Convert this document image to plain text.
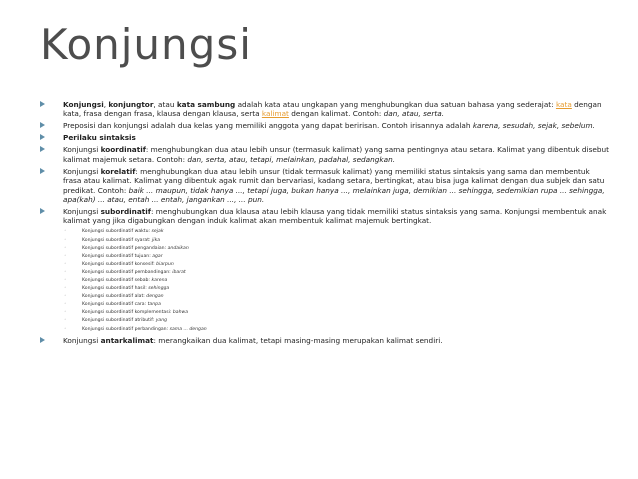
Konjungsi
Konjungsi, konjungtor, atau kata sambung adalah kata atau ungkapan yang menghubungkan dua satuan bahasa yang sederajat: kata dengan kata, frasa dengan frasa, klausa dengan klausa, serta kalimat dengan kalimat. Contoh: dan, atau, serta.
Preposisi dan konjungsi adalah dua kelas yang memiliki anggota yang dapat beririsan. Contoh irisannya adalah karena, sesudah, sejak, sebelum.
Perilaku sintaksis
Konjungsi koordinatif: menghubungkan dua atau lebih unsur (termasuk kalimat) yang sama pentingnya atau setara. Kalimat yang dibentuk disebut kalimat majemuk setara. Contoh: dan, serta, atau, tetapi, melainkan, padahal, sedangkan.
Konjungsi korelatif: menghubungkan dua atau lebih unsur (tidak termasuk kalimat) yang memiliki status sintaksis yang sama dan membentuk frasa atau kalimat. Kalimat yang dibentuk agak rumit dan bervariasi, kadang setara, bertingkat, atau bisa juga kalimat dengan dua subjek dan satu predikat. Contoh: baik ... maupun, tidak hanya ..., tetapi juga, bukan hanya ..., melainkan juga, demikian ... sehingga, sedemikian rupa ... sehingga, apa(kah) ... atau, entah ... entah, jangankan ..., ... pun.
Konjungsi subordinatif: menghubungkan dua klausa atau lebih klausa yang tidak memiliki status sintaksis yang sama. Konjungsi membentuk anak kalimat yang jika digabungkan dengan induk kalimat akan membentuk kalimat majemuk bertingkat.
◦	Konjungsi subordinatif waktu: sejak
◦	Konjungsi subordinatif syarat: jika
◦	Konjungsi subordinatif pengandaian: andaikan
◦	Konjungsi subordinatif tujuan: agar
◦	Konjungsi subordinatif konsesif: biarpun
◦	Konjungsi subordinatif pembandingan: ibarat
◦	Konjungsi subordinatif sebab: karena
◦	Konjungsi subordinatif hasil: sehingga
◦	Konjungsi subordinatif alat: dengan
◦	Konjungsi subordinatif cara: tanpa
◦	Konjungsi subordinatif komplementasi: bahwa
◦	Konjungsi subordinatif atributif: yang
◦	Konjungsi subordinatif perbandingan: sama ... dengan
Konjungsi antarkalimat: merangkaikan dua kalimat, tetapi masing-masing merupakan kalimat sendiri.
